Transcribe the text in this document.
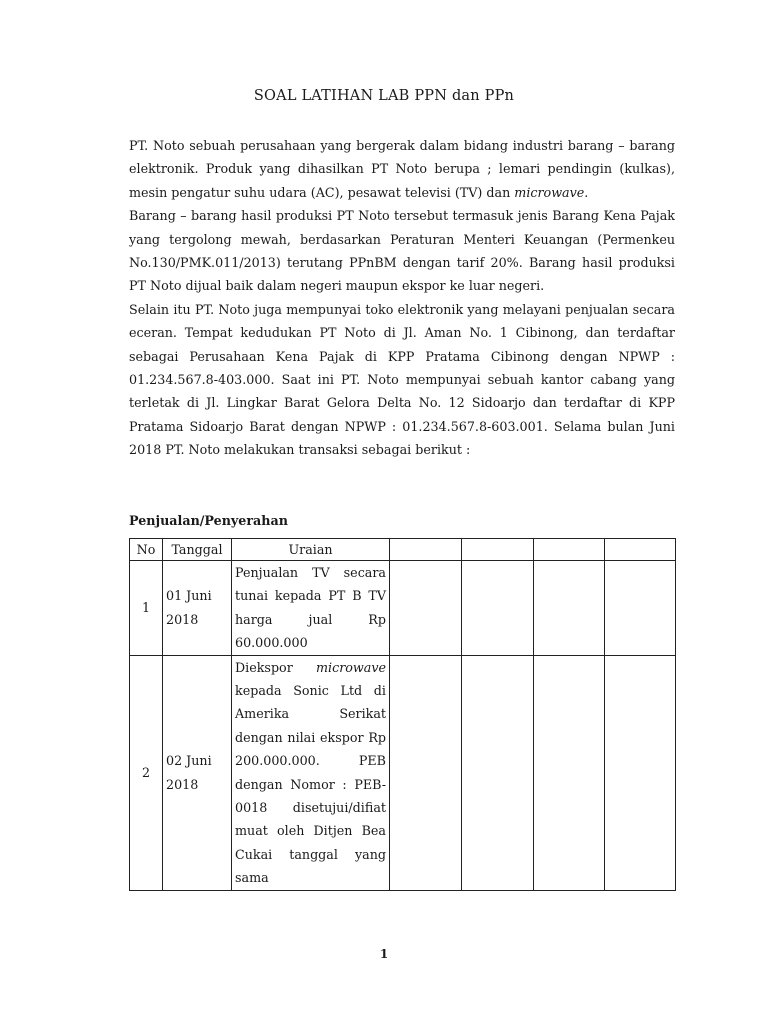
SOAL LATIHAN LAB PPN dan PPn

PT. Noto sebuah perusahaan yang bergerak dalam bidang industri barang – barang elektronik. Produk yang dihasilkan PT Noto berupa ; lemari pendingin (kulkas), mesin pengatur suhu udara (AC), pesawat televisi (TV) dan microwave.

Barang – barang hasil produksi PT Noto tersebut termasuk jenis Barang Kena Pajak yang tergolong mewah, berdasarkan Peraturan Menteri Keuangan (Permenkeu No.130/PMK.011/2013) terutang PPnBM dengan tarif 20%. Barang hasil produksi PT Noto dijual baik dalam negeri maupun ekspor ke luar negeri.

Selain itu PT. Noto juga mempunyai toko elektronik yang melayani penjualan secara eceran. Tempat kedudukan PT Noto di Jl. Aman No. 1 Cibinong, dan terdaftar sebagai Perusahaan Kena Pajak di KPP Pratama Cibinong dengan NPWP : 01.234.567.8-403.000. Saat ini PT. Noto mempunyai sebuah kantor cabang yang terletak di Jl. Lingkar Barat Gelora Delta No. 12 Sidoarjo dan terdaftar di KPP Pratama Sidoarjo Barat dengan NPWP : 01.234.567.8-603.001. Selama bulan Juni 2018 PT. Noto melakukan transaksi sebagai berikut :

Penjualan/Penyerahan
No	Tanggal	Uraian				
1	01 Juni 2018	Penjualan TV secara tunai kepada PT B TV harga jual Rp 60.000.000				
2	02 Juni 2018	Diekspor microwave kepada Sonic Ltd di Amerika Serikat dengan nilai ekspor Rp 200.000.000. PEB dengan Nomor : PEB-0018 disetujui/difiat muat oleh Ditjen Bea Cukai tanggal yang sama				
1
